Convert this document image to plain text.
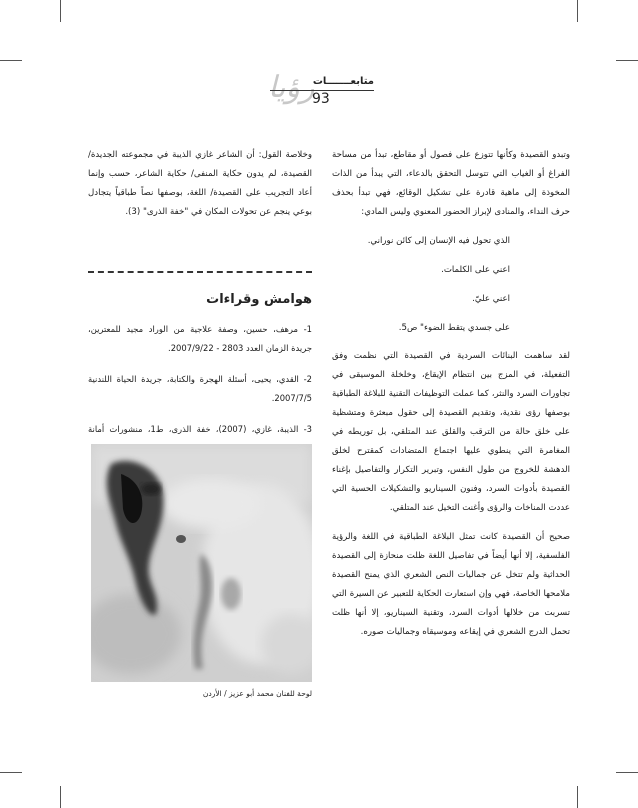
رؤيا
متابعـــــــات
93

وتبدو القصيدة وكأنها تتوزع على فصول أو مقاطع، تبدأ من مساحة الفراغ أو الغياب التي تتوسل التحقق بالدعاء، التي يبدأ من الذات المخوذة إلى ماهية قادرة على تشكيل الوقائع، فهي تبدأ بحذف حرف النداء، والمنادى لإبراز الحضور المعنوي وليس المادي:

الذي تحول فيه الإنسان إلى كائن نوراني.

اعني على الكلمات.

اعني عليّ.

على جسدي يتقط الضوء" ص5.

لقد ساهمت البنائات السردية في القصيدة التي نظمت وفق التفعيلة، في المزج بين انتظام الإيقاع، وخلخلة الموسيقى في تجاورات السرد والنثر، كما عملت التوظيفات التقنية للبلاغة الطباقية بوصفها رؤى نقدية، وتقديم القصيدة إلى حقول مبعثرة ومتشظية على خلق حالة من الترقب والقلق عند المتلقي، بل توريطه في المغامرة التي ينطوي عليها اجتماع المتضادات كمقترح لخلق الدهشة للخروج من طول النفس، وتبرير التكرار والتفاصيل بإغناء القصيدة بأدوات السرد، وفنون السيناريو والتشكيلات الحسية التي عددت المناخات والرؤى وأغنت التخيل عند المتلقي.

صحيح أن القصيدة كانت تمثل البلاغة الطباقية في اللغة والرؤية الفلسفية، إلا أنها أيضاً في تفاصيل اللغة ظلت منحازة إلى القصيدة الحداثية ولم تتخل عن جماليات النص الشعري الذي يمنح القصيدة ملامحها الخاصة، فهي وإن استعارت الحكاية للتعبير عن السيرة التي تسربت من خلالها أدوات السرد، وتقنية السيناريو، إلا أنها ظلت تحمل الدرج الشعري في إيقاعه وموسيقاه وجماليات صوره.

وخلاصة القول: أن الشاعر غازي الذيبة في مجموعته الجديدة/ القصيدة، لم يدون حكاية المنفى/ حكاية الشاعر، حسب وإنما أعاد التجريب على القصيدة/ اللغة، بوصفها نصاً طباقياً يتجادل بوعي ينجم عن تحولات المكان في "خفة الذرى" (3).

هوامش وقراءات

1- مرهف، حسين، وصفة علاجية من الوراد مجيد للمعترين، جريدة الزمان العدد 2803 - 2007/9/22.

2- القدي، يحيى، أسئلة الهجرة والكتابة، جريدة الحياة اللندنية 2007/7/5.

3- الذيبة، غازي، (2007)، خفة الذرى، ط1، منشورات أمانة

لوحة للفنان محمد أبو عزيز / الأردن
